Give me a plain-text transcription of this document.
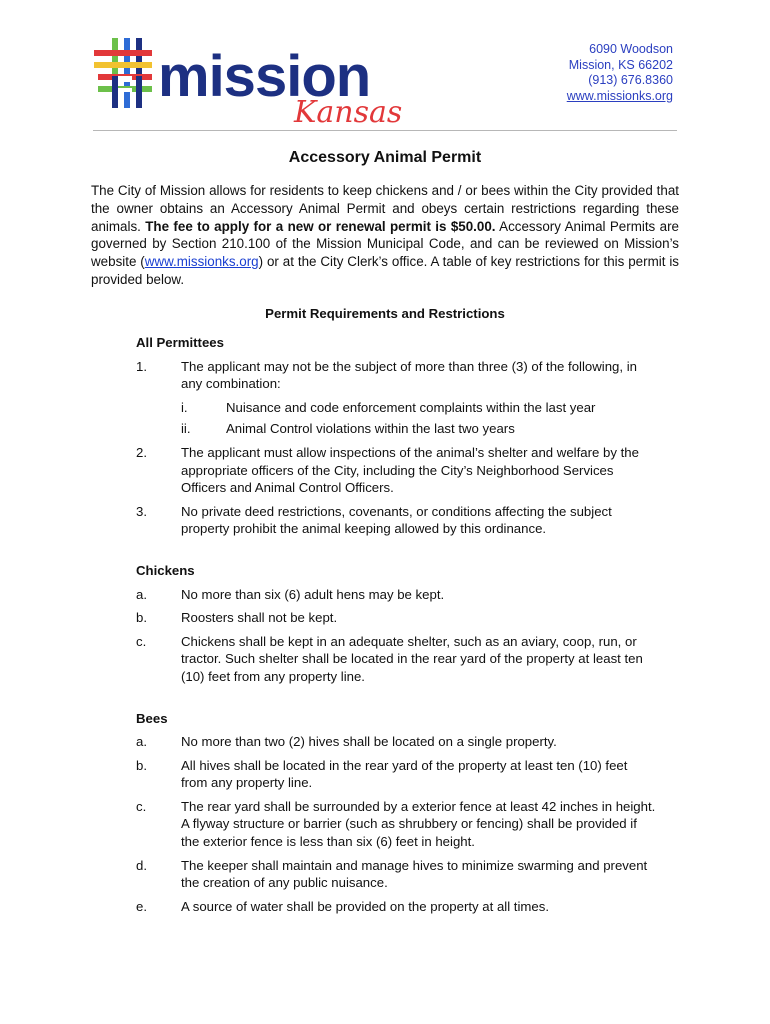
mission
Kansas
6090 Woodson
Mission, KS 66202
(913) 676.8360
www.missionks.org
Accessory Animal Permit
The City of Mission allows for residents to keep chickens and / or bees within the City provided that the owner obtains an Accessory Animal Permit and obeys certain restrictions regarding these animals. The fee to apply for a new or renewal permit is $50.00. Accessory Animal Permits are governed by Section 210.100 of the Mission Municipal Code, and can be reviewed on Mission’s website (www.missionks.org) or at the City Clerk’s office. A table of key restrictions for this permit is provided below.
Permit Requirements and Restrictions
All Permittees
1.	The applicant may not be the subject of more than three (3) of the following, in any combination:
i.	Nuisance and code enforcement complaints within the last year
ii.	Animal Control violations within the last two years
2.	The applicant must allow inspections of the animal’s shelter and welfare by the appropriate officers of the City, including the City’s Neighborhood Services Officers and Animal Control Officers.
3.	No private deed restrictions, covenants, or conditions affecting the subject property prohibit the animal keeping allowed by this ordinance.
Chickens
a.	No more than six (6) adult hens may be kept.
b.	Roosters shall not be kept.
c.	Chickens shall be kept in an adequate shelter, such as an aviary, coop, run, or tractor. Such shelter shall be located in the rear yard of the property at least ten (10) feet from any property line.
Bees
a.	No more than two (2) hives shall be located on a single property.
b.	All hives shall be located in the rear yard of the property at least ten (10) feet from any property line.
c.	The rear yard shall be surrounded by a exterior fence at least 42 inches in height. A flyway structure or barrier (such as shrubbery or fencing) shall be provided if the exterior fence is less than six (6) feet in height.
d.	The keeper shall maintain and manage hives to minimize swarming and prevent the creation of any public nuisance.
e.	A source of water shall be provided on the property at all times.
